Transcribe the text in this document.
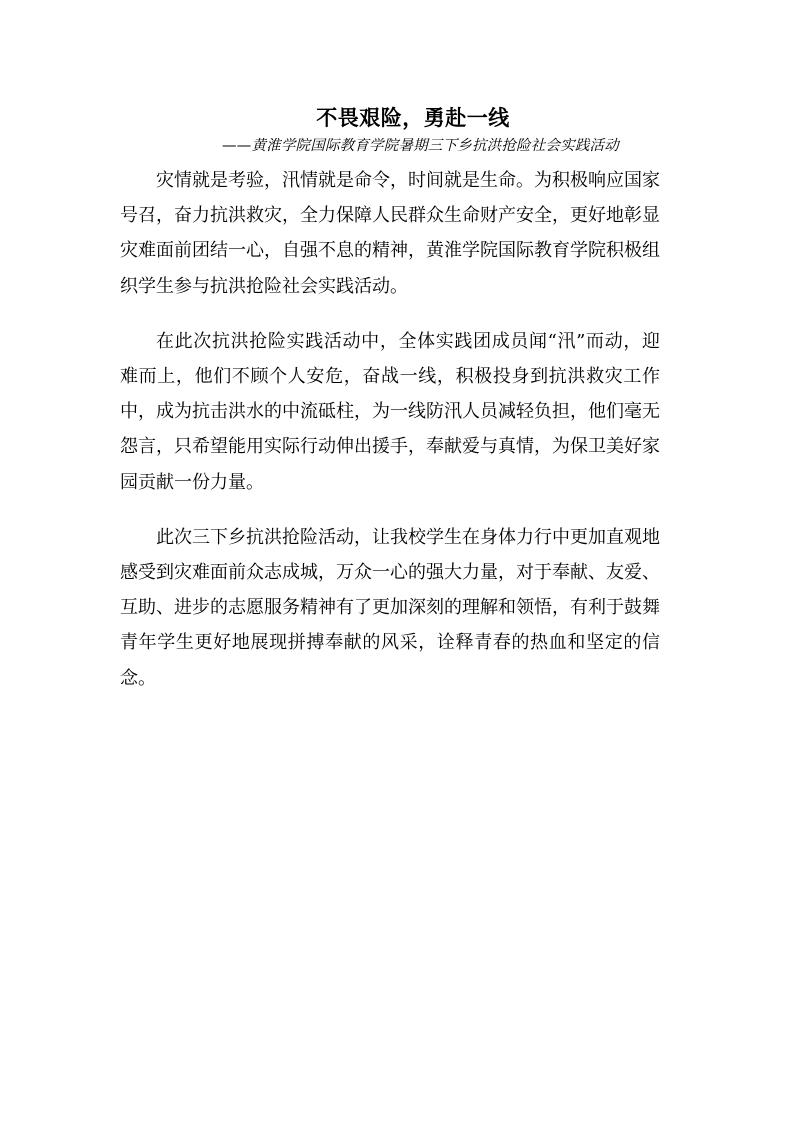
不畏艰险，勇赴一线
——黄淮学院国际教育学院暑期三下乡抗洪抢险社会实践活动

灾情就是考验，汛情就是命令，时间就是生命。为积极响应国家号召，奋力抗洪救灾，全力保障人民群众生命财产安全，更好地彰显灾难面前团结一心，自强不息的精神，黄淮学院国际教育学院积极组织学生参与抗洪抢险社会实践活动。

在此次抗洪抢险实践活动中，全体实践团成员闻“汛”而动，迎难而上，他们不顾个人安危，奋战一线，积极投身到抗洪救灾工作中，成为抗击洪水的中流砥柱，为一线防汛人员减轻负担，他们毫无怨言，只希望能用实际行动伸出援手，奉献爱与真情，为保卫美好家园贡献一份力量。

此次三下乡抗洪抢险活动，让我校学生在身体力行中更加直观地感受到灾难面前众志成城，万众一心的强大力量，对于奉献、友爱、互助、进步的志愿服务精神有了更加深刻的理解和领悟，有利于鼓舞青年学生更好地展现拼搏奉献的风采，诠释青春的热血和坚定的信念。
